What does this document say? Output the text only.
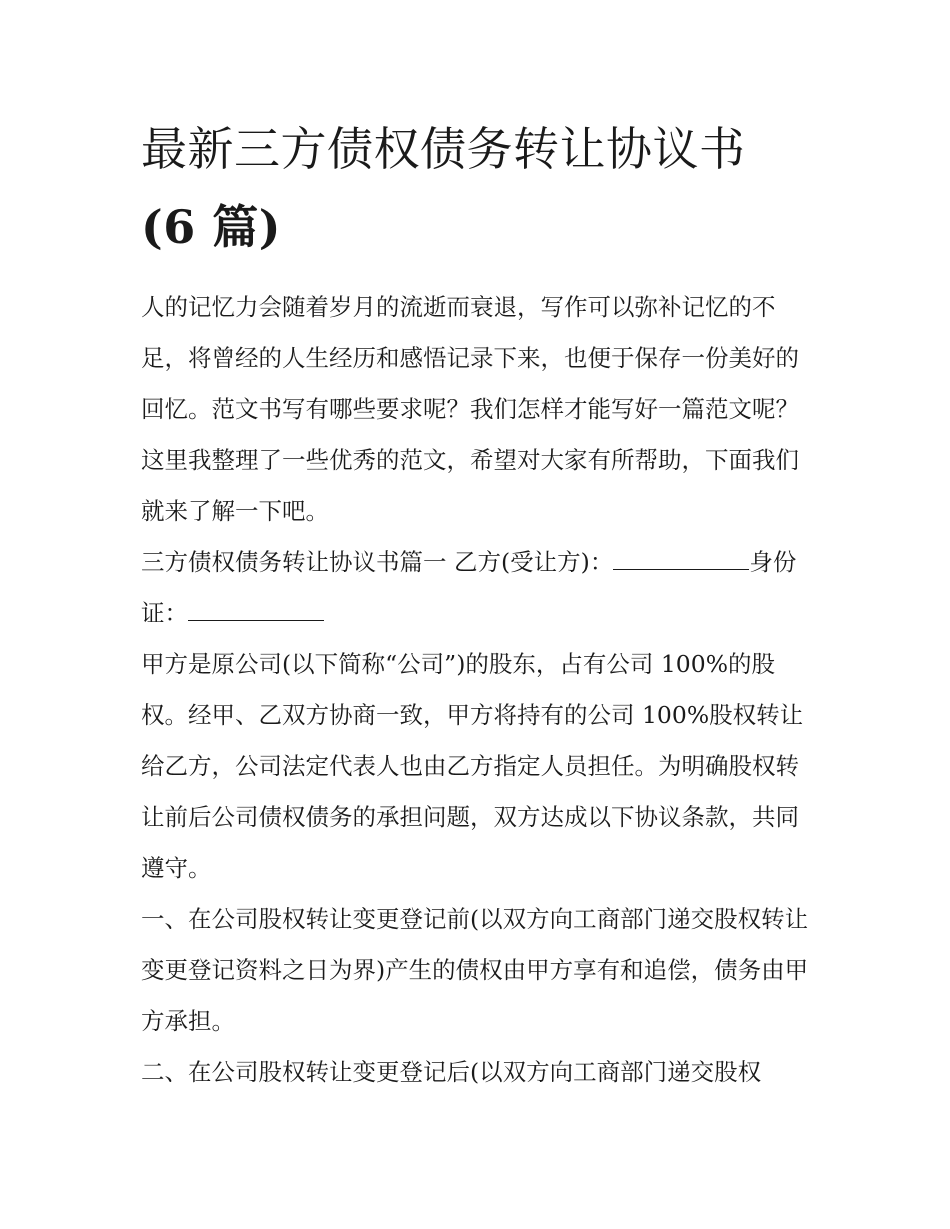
最新三方债权债务转让协议书
(6 篇)

人的记忆力会随着岁月的流逝而衰退，写作可以弥补记忆的不足，将曾经的人生经历和感悟记录下来，也便于保存一份美好的回忆。范文书写有哪些要求呢？我们怎样才能写好一篇范文呢？这里我整理了一些优秀的范文，希望对大家有所帮助，下面我们就来了解一下吧。

三方债权债务转让协议书篇一 乙方(受让方)：	身份证：

甲方是原公司(以下简称“公司”)的股东，占有公司 100%的股权。经甲、乙双方协商一致，甲方将持有的公司 100%股权转让给乙方，公司法定代表人也由乙方指定人员担任。为明确股权转让前后公司债权债务的承担问题，双方达成以下协议条款，共同遵守。

一、在公司股权转让变更登记前(以双方向工商部门递交股权转让变更登记资料之日为界)产生的债权由甲方享有和追偿，债务由甲方承担。

二、在公司股权转让变更登记后(以双方向工商部门递交股权
